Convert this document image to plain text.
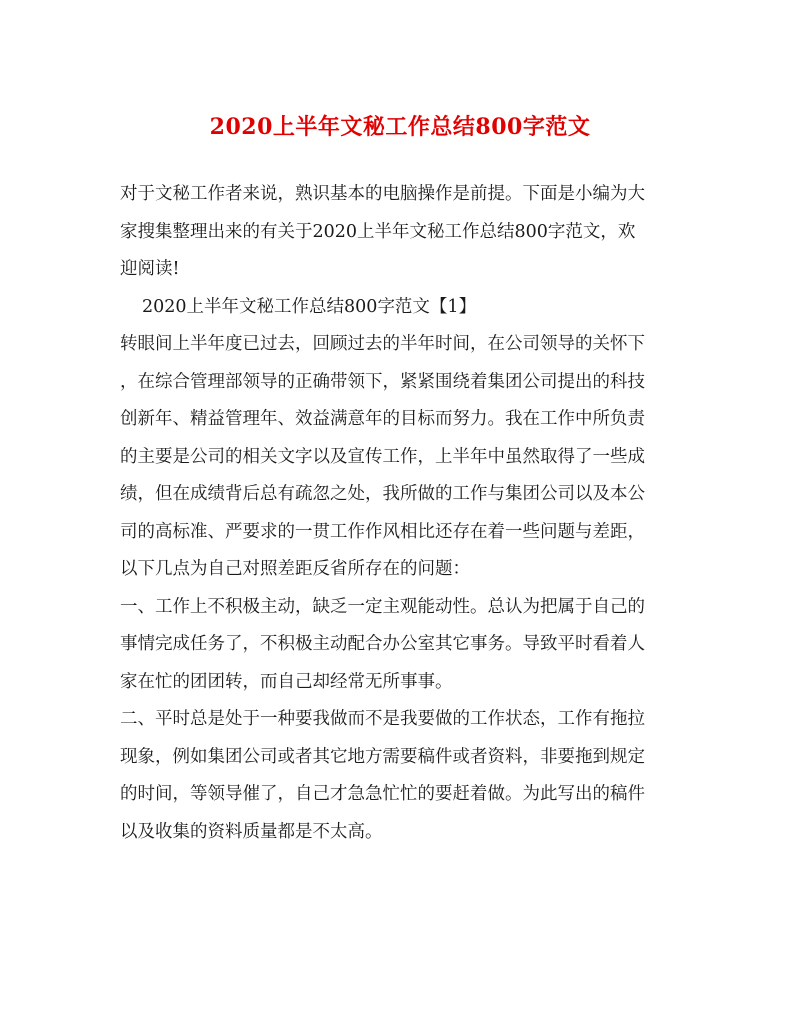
2020上半年文秘工作总结800字范文

对于文秘工作者来说，熟识基本的电脑操作是前提。下面是小编为大
家搜集整理出来的有关于2020上半年文秘工作总结800字范文，欢
迎阅读!

2020上半年文秘工作总结800字范文【1】

转眼间上半年度已过去，回顾过去的半年时间，在公司领导的关怀下
，在综合管理部领导的正确带领下，紧紧围绕着集团公司提出的科技
创新年、精益管理年、效益满意年的目标而努力。我在工作中所负责
的主要是公司的相关文字以及宣传工作，上半年中虽然取得了一些成
绩，但在成绩背后总有疏忽之处，我所做的工作与集团公司以及本公
司的高标准、严要求的一贯工作作风相比还存在着一些问题与差距，
以下几点为自己对照差距反省所存在的问题：

一、工作上不积极主动，缺乏一定主观能动性。总认为把属于自己的
事情完成任务了，不积极主动配合办公室其它事务。导致平时看着人
家在忙的团团转，而自己却经常无所事事。

二、平时总是处于一种要我做而不是我要做的工作状态，工作有拖拉
现象，例如集团公司或者其它地方需要稿件或者资料，非要拖到规定
的时间，等领导催了，自己才急急忙忙的要赶着做。为此写出的稿件
以及收集的资料质量都是不太高。
